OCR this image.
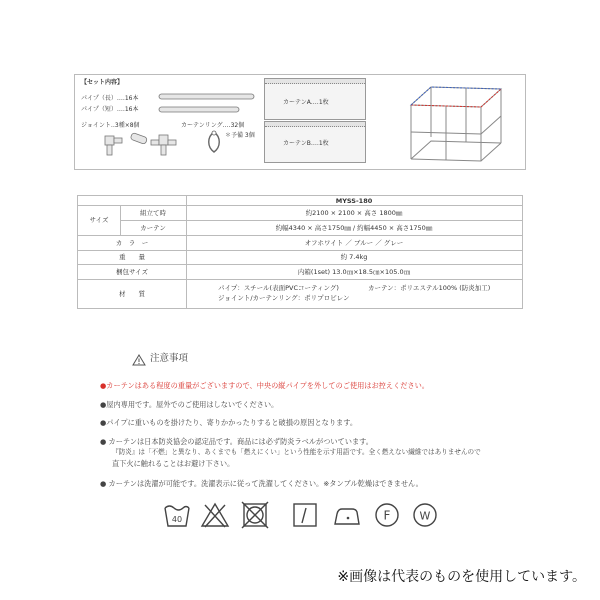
【セット内容】
パイプ（長）‥‥16本
パイプ（短）‥‥16本
ジョイント‥3種×8個	カーテンリング‥‥32個
＊予備 3個
カーテンA‥‥1枚
カーテンB‥‥1枚
MYSS-180
サイズ
組立て時	約2100 × 2100 × 高さ 1800㎜
カーテン	約幅4340 × 高さ1750㎜ / 約幅4450 × 高さ1750㎜
カ　ラ　ー	オフホワイト ／ ブルー ／ グレー
重　　量	約 7.4kg
梱包サイズ	内箱(1set) 13.0㎝×18.5㎝×105.0㎝
材　　質
パイプ：スチール(表面PVCコーティング)	カーテン：ポリエステル100% (防炎加工)
ジョイント/カーテンリング：ポリプロピレン
注意事項
●カーテンはある程度の重量がございますので、中央の縦パイプを外してのご使用はお控えください。
●屋内専用です。屋外でのご使用はしないでください。
●パイプに重いものを掛けたり、寄りかかったりすると破損の原因となります。
● カーテンは日本防炎協会の認定品です。商品には必ず防炎ラベルがついています。
『防炎』は「不燃」と異なり、あくまでも「燃えにくい」という性能を示す用語です。全く燃えない繊維ではありませんので
直下火に触れることはお避け下さい。
● カーテンは洗濯が可能です。洗濯表示に従って洗濯してください。※タンブル乾燥はできません。
40	F	W
※画像は代表のものを使用しています。
